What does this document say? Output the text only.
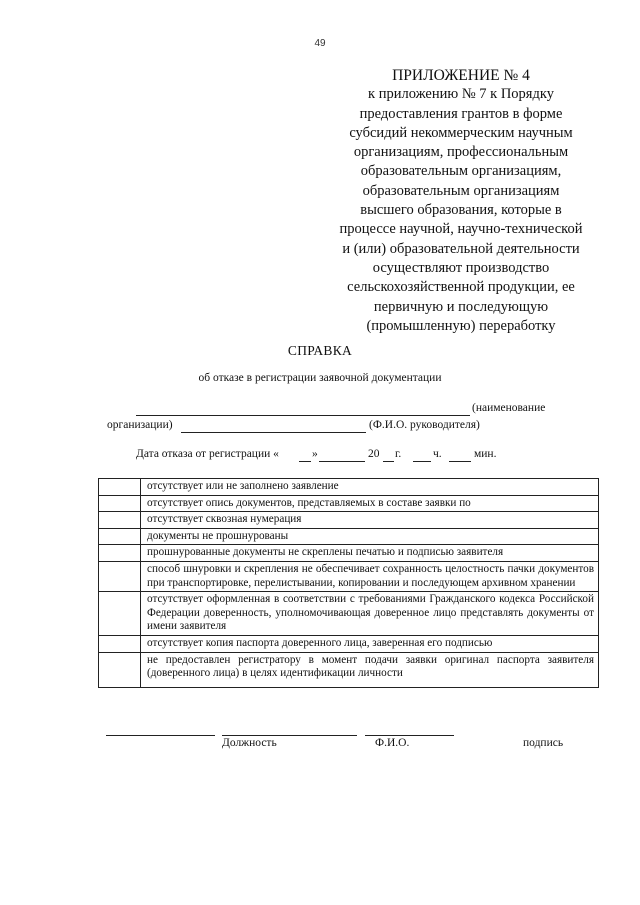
49
ПРИЛОЖЕНИЕ № 4
к приложению № 7 к Порядку
предоставления грантов в форме
субсидий некоммерческим научным
организациям, профессиональным
образовательным организациям,
образовательным организациям
высшего образования, которые в
процессе научной, научно-технической
и (или) образовательной деятельности
осуществляют производство
сельскохозяйственной продукции, ее
первичную и последующую
(промышленную) переработку
СПРАВКА
об отказе в регистрации заявочной документации
(наименование
организации)	(Ф.И.О. руководителя)
Дата отказа от регистрации «	»	20 г.	ч.	мин.
	отсутствует или не заполнено заявление
	отсутствует опись документов, представляемых в составе заявки по
	отсутствует сквозная нумерация
	документы не прошнурованы
	прошнурованные документы не скреплены печатью и подписью заявителя
	способ шнуровки и скрепления не обеспечивает сохранность целостность пачки документов при транспортировке, перелистывании, копировании и последующем архивном хранении
	отсутствует оформленная в соответствии с требованиями Гражданского кодекса Российской Федерации доверенность, уполномочивающая доверенное лицо представлять документы от имени заявителя
	отсутствует копия паспорта доверенного лица, заверенная его подписью
	не предоставлен регистратору в момент подачи заявки оригинал паспорта заявителя (доверенного лица) в целях идентификации личности
Должность	Ф.И.О.	подпись
